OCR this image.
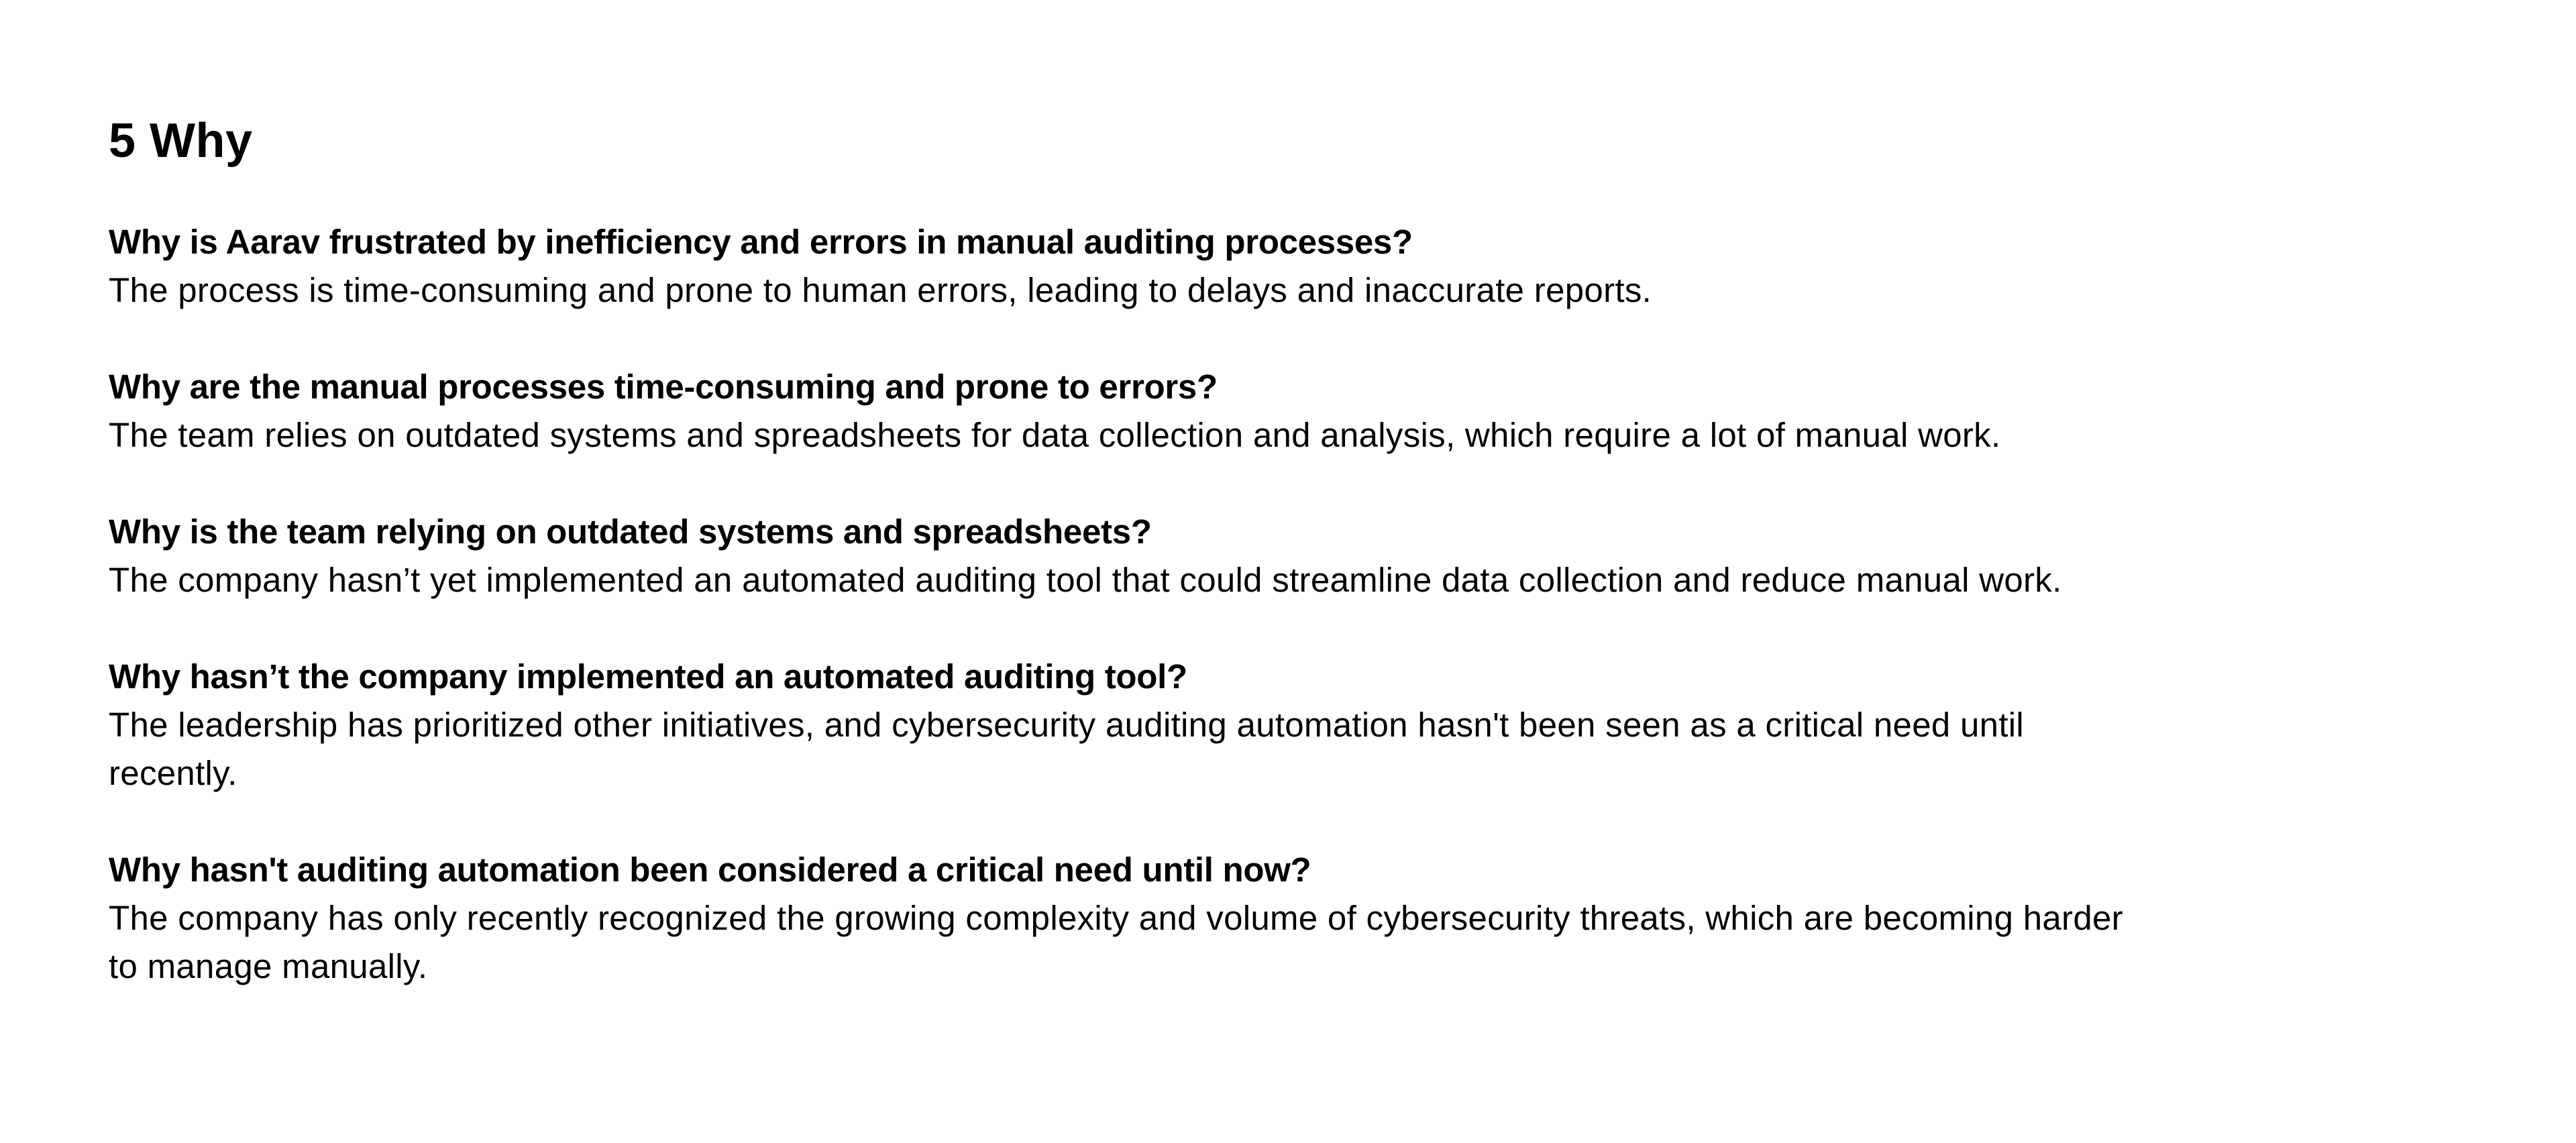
5 Why

Why is Aarav frustrated by inefficiency and errors in manual auditing processes?

The process is time-consuming and prone to human errors, leading to delays and inaccurate reports.

Why are the manual processes time-consuming and prone to errors?

The team relies on outdated systems and spreadsheets for data collection and analysis, which require a lot of manual work.

Why is the team relying on outdated systems and spreadsheets?

The company hasn’t yet implemented an automated auditing tool that could streamline data collection and reduce manual work.

Why hasn’t the company implemented an automated auditing tool?

The leadership has prioritized other initiatives, and cybersecurity auditing automation hasn't been seen as a critical need until recently.

Why hasn't auditing automation been considered a critical need until now?

The company has only recently recognized the growing complexity and volume of cybersecurity threats, which are becoming harder to manage manually.
